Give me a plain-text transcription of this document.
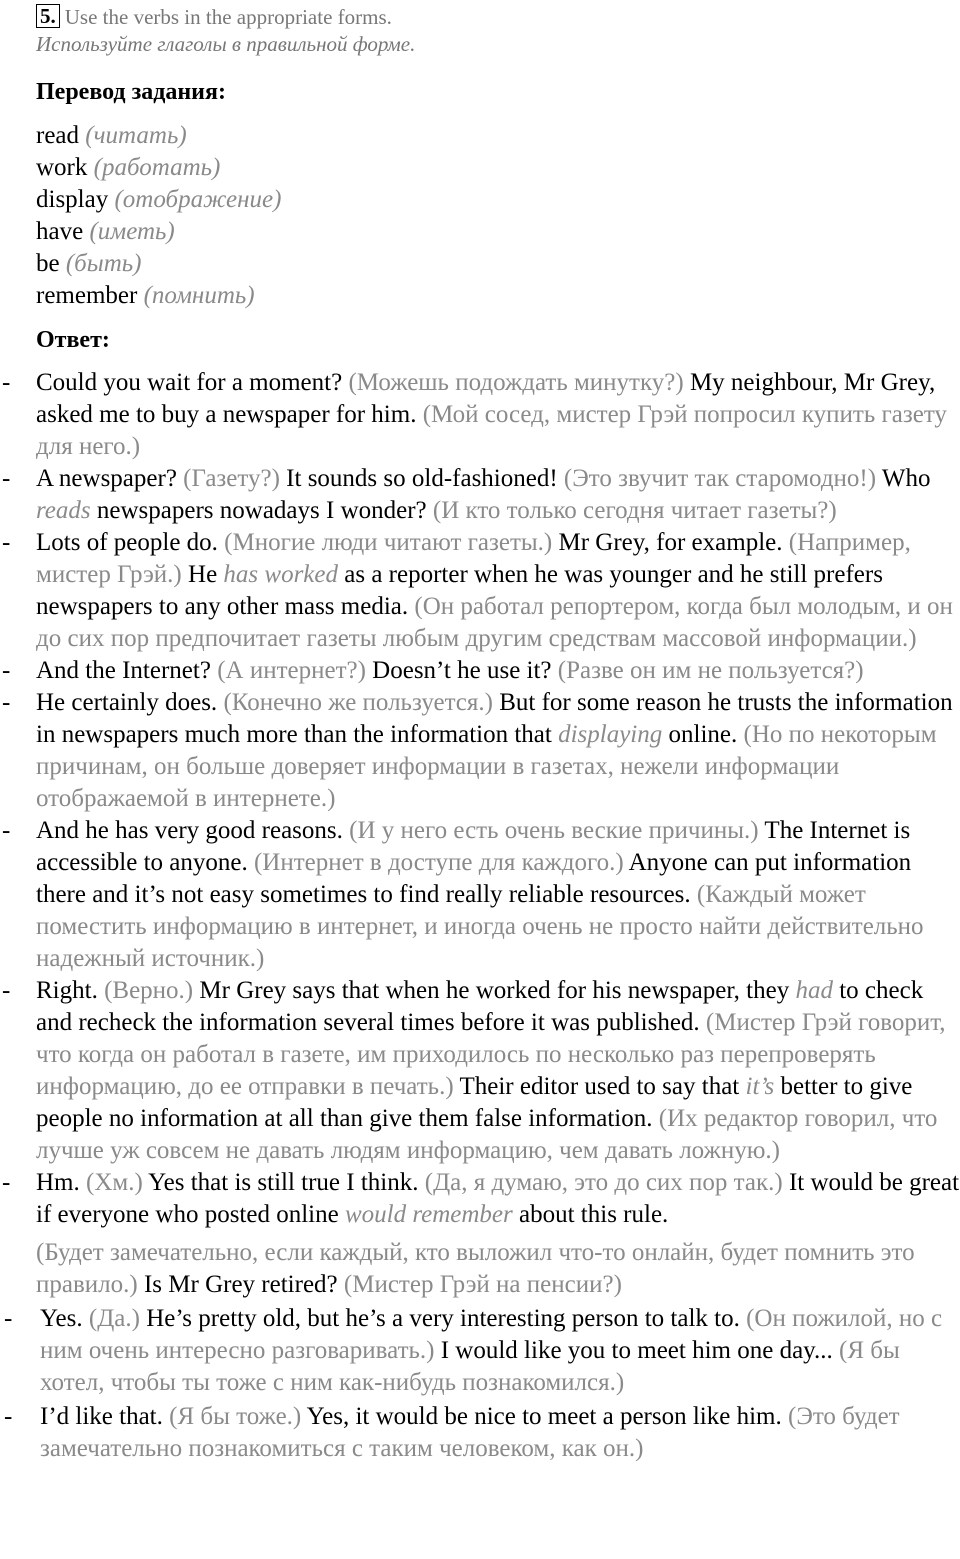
5. Use the verbs in the appropriate forms.
Используйте глаголы в правильной форме.
Перевод задания:
read (читать)
work (работать)
display (отображение)
have (иметь)
be (быть)
remember (помнить)
Ответ:
- Could you wait for a moment? (Можешь подождать минутку?) My neighbour, Mr Grey, asked me to buy a newspaper for him. (Мой сосед, мистер Грэй попросил купить газету для него.)
- A newspaper? (Газету?) It sounds so old-fashioned! (Это звучит так старомодно!) Who reads newspapers nowadays I wonder? (И кто только сегодня читает газеты?)
- Lots of people do. (Многие люди читают газеты.) Mr Grey, for example. (Например, мистер Грэй.) He has worked as a reporter when he was younger and he still prefers newspapers to any other mass media. (Он работал репортером, когда был молодым, и он до сих пор предпочитает газеты любым другим средствам массовой информации.)
- And the Internet? (А интернет?) Doesn’t he use it? (Разве он им не пользуется?)
- He certainly does. (Конечно же пользуется.) But for some reason he trusts the information in newspapers much more than the information that displaying online. (Но по некоторым причинам, он больше доверяет информации в газетах, нежели информации отображаемой в интернете.)
- And he has very good reasons. (И у него есть очень веские причины.) The Internet is accessible to anyone. (Интернет в доступе для каждого.) Anyone can put information there and it’s not easy sometimes to find really reliable resources. (Каждый может поместить информацию в интернет, и иногда очень не просто найти действительно надежный источник.)
- Right. (Верно.) Mr Grey says that when he worked for his newspaper, they had to check and recheck the information several times before it was published. (Мистер Грэй говорит, что когда он работал в газете, им приходилось по несколько раз перепроверять информацию, до ее отправки в печать.) Their editor used to say that it’s better to give people no information at all than give them false information. (Их редактор говорил, что лучше уж совсем не давать людям информацию, чем давать ложную.)
- Hm. (Хм.) Yes that is still true I think. (Да, я думаю, это до сих пор так.) It would be great if everyone who posted online would remember about this rule.
(Будет замечательно, если каждый, кто выложил что-то онлайн, будет помнить это правило.) Is Mr Grey retired? (Мистер Грэй на пенсии?)
- Yes. (Да.) He’s pretty old, but he’s a very interesting person to talk to. (Он пожилой, но с ним очень интересно разговаривать.) I would like you to meet him one day... (Я бы хотел, чтобы ты тоже с ним как-нибудь познакомился.)
- I’d like that. (Я бы тоже.) Yes, it would be nice to meet a person like him. (Это будет замечательно познакомиться с таким человеком, как он.)
